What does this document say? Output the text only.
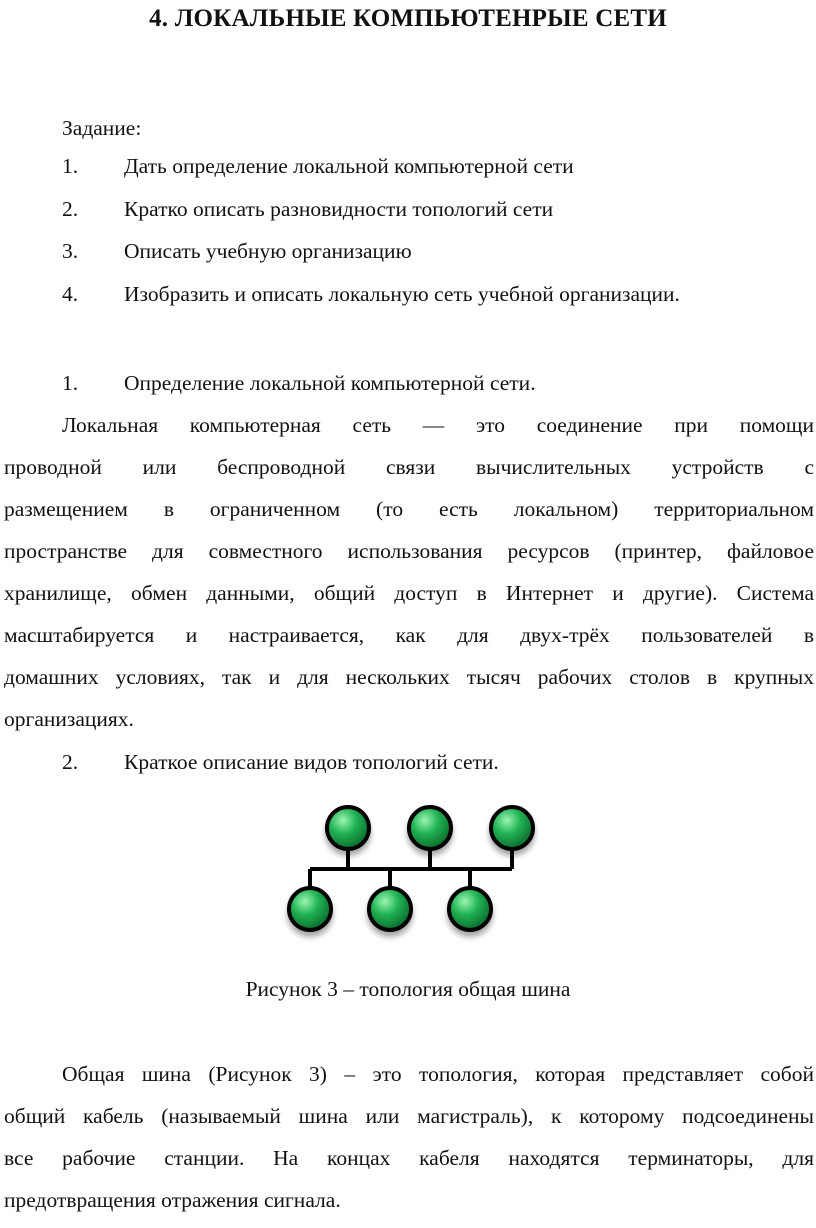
4. ЛОКАЛЬНЫЕ КОМПЬЮТЕНРЫЕ СЕТИ
Задание:
1. Дать определение локальной компьютерной сети
2. Кратко описать разновидности топологий сети
3. Описать учебную организацию
4. Изобразить и описать локальную сеть учебной организации.
1. Определение локальной компьютерной сети.
Локальная компьютерная сеть — это соединение при помощи
проводной или беспроводной связи вычислительных устройств с
размещением в ограниченном (то есть локальном) территориальном
пространстве для совместного использования ресурсов (принтер, файловое
хранилище, обмен данными, общий доступ в Интернет и другие). Система
масштабируется и настраивается, как для двух-трёх пользователей в
домашних условиях, так и для нескольких тысяч рабочих столов в крупных
организациях.
2. Краткое описание видов топологий сети.
Рисунок 3 – топология общая шина
Общая шина (Рисунок 3) – это топология, которая представляет собой
общий кабель (называемый шина или магистраль), к которому подсоединены
все рабочие станции. На концах кабеля находятся терминаторы, для
предотвращения отражения сигнала.
